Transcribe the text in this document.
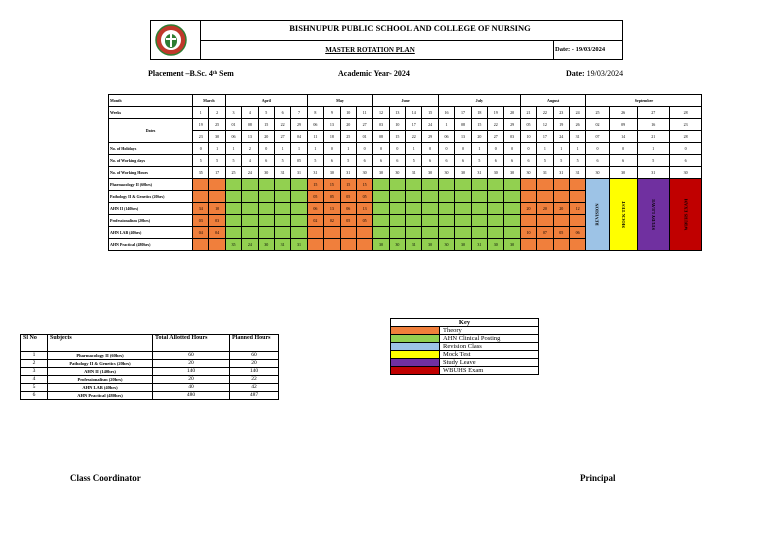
BISHNUPUR PUBLIC SCHOOL AND COLLEGE OF NURSING
MASTER ROTATION PLAN	Date: - 19/03/2024
Placement –B.Sc. 4ᵗʰ Sem	Academic Year- 2024	Date: 19/03/2024
Month	March		April					May				June				July					August				September			
Weeks	1	2	3	4	5	6	7	8	9	10	11	12	13	14	15	16	17	18	19	20	21	22	23	24	25	26	27	28
Dates	19	25	01	08	15	22	29	06	13	20	27	03	10	17	24	1	08	15	22	29	05	12	19	26	02	09	16	23
	23	30	06	13	20	27	04	11	18	25	01	08	15	22	29	06	13	20	27	03	10	17	24	31	07	14	21	28
No. of Holidays	0	1	1	2	0	1	1	1	0	1	0	0	0	1	0	0	0	1	0	0	0	1	1	1	0	0	1	0
No. of Working days	5	5	5	4	6	5	05	5	6	5	6	6	6	5	6	6	6	5	6	6	6	5	5	5	6	6	5	6
No. of Working Hours	35	17	25	24	30	31	31	31	30	31	30	30	30	31	30	30	30	31	30	30	30	31	31	31	30	30	31	30
Pharmacology II (60hrs)								15	15	15	15														REVISION	MOCK TEST	STUDY LEAVE	WBUHS EXAM
Pathology II & Genetics (20hrs)								05	05	05	05																	
AHN II (140hrs)	34	10						06	13	06	13										20	20	20	12				
Professionalism (20hrs)	03	03						02	02	05	05																	
AHN LAB (40hrs)	04	04																			10	07	05	06				
AHN Practical (480hrs)			35	24	30	31	31					30	30	31	30	30	30	31	30	30								
Sl No	Subjects	Total Allotted Hours	Planned Hours
1	Pharmacology II (60hrs)	60	60
2	Pathology II & Genetics (20hrs)	20	20
3	AHN II (140hrs)	140	140
4	Professionalism (20hrs)	20	22
5	AHN LAB (40hrs)	40	42
6	AHN Practical (480hrs)	480	487
Key	
	Theory
	AHN Clinical Posting
	Revision Class
	Mock Test
	Study Leave
	WBUHS Exam
Class Coordinator	Principal
